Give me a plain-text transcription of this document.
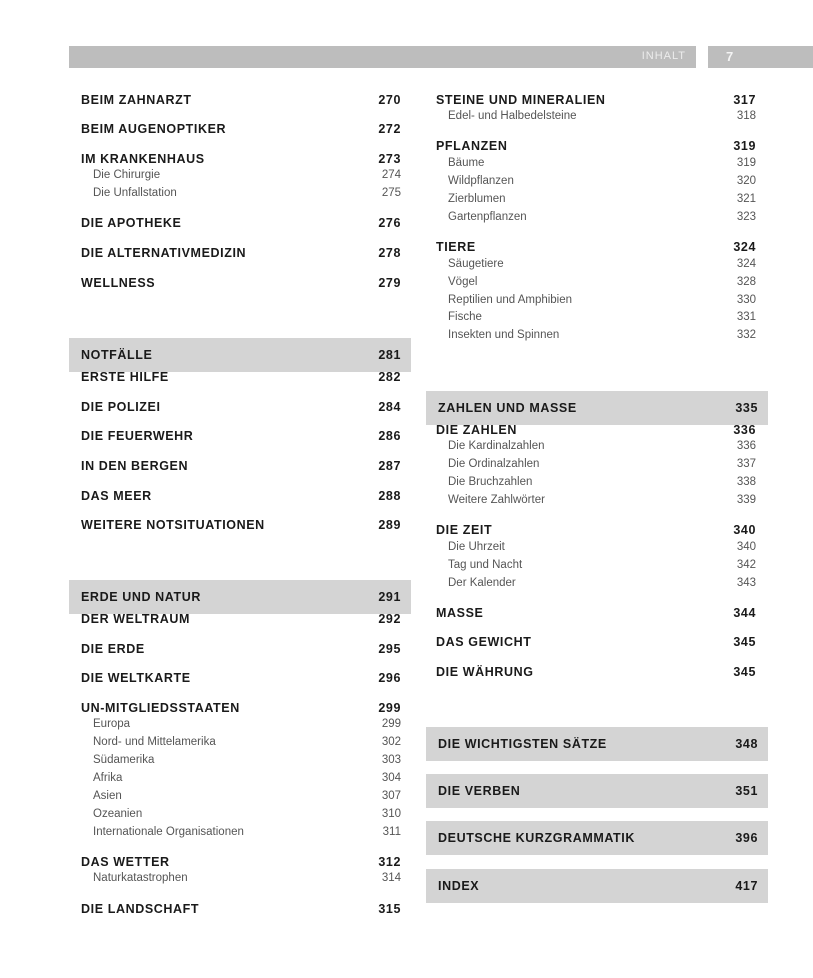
INHALT	7
BEIM ZAHNARZT	270
BEIM AUGENOPTIKER	272
IM KRANKENHAUS	273
Die Chirurgie	274
Die Unfallstation	275
DIE APOTHEKE	276
DIE ALTERNATIVMEDIZIN	278
WELLNESS	279
NOTFÄLLE	281
ERSTE HILFE	282
DIE POLIZEI	284
DIE FEUERWEHR	286
IN DEN BERGEN	287
DAS MEER	288
WEITERE NOTSITUATIONEN	289
ERDE UND NATUR	291
DER WELTRAUM	292
DIE ERDE	295
DIE WELTKARTE	296
UN-MITGLIEDSSTAATEN	299
Europa	299
Nord- und Mittelamerika	302
Südamerika	303
Afrika	304
Asien	307
Ozeanien	310
Internationale Organisationen	311
DAS WETTER	312
Naturkatastrophen	314
DIE LANDSCHAFT	315
STEINE UND MINERALIEN	317
Edel- und Halbedelsteine	318
PFLANZEN	319
Bäume	319
Wildpflanzen	320
Zierblumen	321
Gartenpflanzen	323
TIERE	324
Säugetiere	324
Vögel	328
Reptilien und Amphibien	330
Fische	331
Insekten und Spinnen	332
ZAHLEN UND MASSE	335
DIE ZAHLEN	336
Die Kardinalzahlen	336
Die Ordinalzahlen	337
Die Bruchzahlen	338
Weitere Zahlwörter	339
DIE ZEIT	340
Die Uhrzeit	340
Tag und Nacht	342
Der Kalender	343
MASSE	344
DAS GEWICHT	345
DIE WÄHRUNG	345
DIE WICHTIGSTEN SÄTZE	348
DIE VERBEN	351
DEUTSCHE KURZGRAMMATIK	396
INDEX	417
